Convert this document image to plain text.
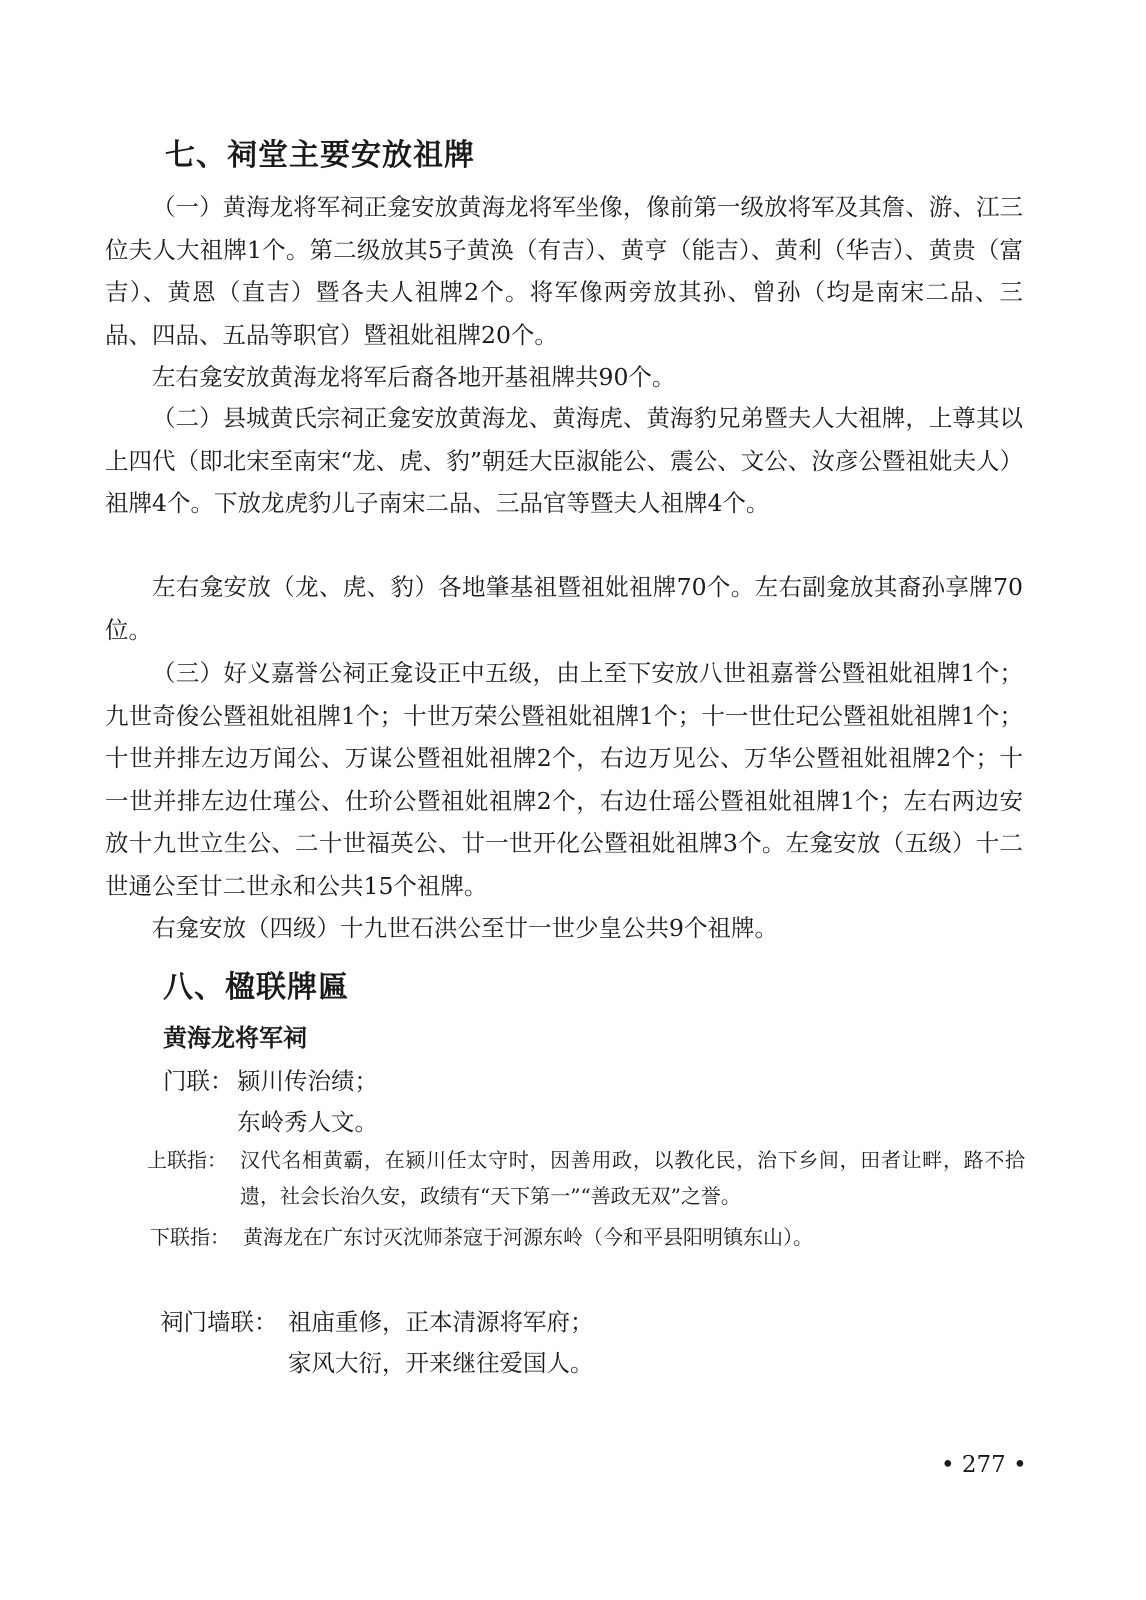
七、祠堂主要安放祖牌

（一）黄海龙将军祠正龛安放黄海龙将军坐像，像前第一级放将军及其詹、游、江三位夫人大祖牌1个。第二级放其5子黄涣（有吉）、黄亨（能吉）、黄利（华吉）、黄贵（富吉）、黄恩（直吉）暨各夫人祖牌2个。将军像两旁放其孙、曾孙（均是南宋二品、三品、四品、五品等职官）暨祖妣祖牌20个。

左右龛安放黄海龙将军后裔各地开基祖牌共90个。

（二）县城黄氏宗祠正龛安放黄海龙、黄海虎、黄海豹兄弟暨夫人大祖牌，上尊其以上四代（即北宋至南宋“龙、虎、豹”朝廷大臣淑能公、震公、文公、汝彦公暨祖妣夫人）祖牌4个。下放龙虎豹儿子南宋二品、三品官等暨夫人祖牌4个。

左右龛安放（龙、虎、豹）各地肇基祖暨祖妣祖牌70个。左右副龛放其裔孙享牌70位。

（三）好义嘉誉公祠正龛设正中五级，由上至下安放八世祖嘉誉公暨祖妣祖牌1个；九世奇俊公暨祖妣祖牌1个；十世万荣公暨祖妣祖牌1个；十一世仕玘公暨祖妣祖牌1个；十世并排左边万闻公、万谋公暨祖妣祖牌2个，右边万见公、万华公暨祖妣祖牌2个；十一世并排左边仕瑾公、仕玠公暨祖妣祖牌2个，右边仕瑶公暨祖妣祖牌1个；左右两边安放十九世立生公、二十世福英公、廿一世开化公暨祖妣祖牌3个。左龛安放（五级）十二世通公至廿二世永和公共15个祖牌。

右龛安放（四级）十九世石洪公至廿一世少皇公共9个祖牌。

八、楹联牌匾
黄海龙将军祠
门联： 颍川传治绩；
东岭秀人文。
上联指： 汉代名相黄霸，在颍川任太守时，因善用政，以教化民，治下乡间，田者让畔，路不拾遗，社会长治久安，政绩有“天下第一”“善政无双”之誉。
下联指： 黄海龙在广东讨灭沈师茶寇于河源东岭（今和平县阳明镇东山）。
祠门墙联： 祖庙重修，正本清源将军府；
家风大衍，开来继往爱国人。
• 277 •
